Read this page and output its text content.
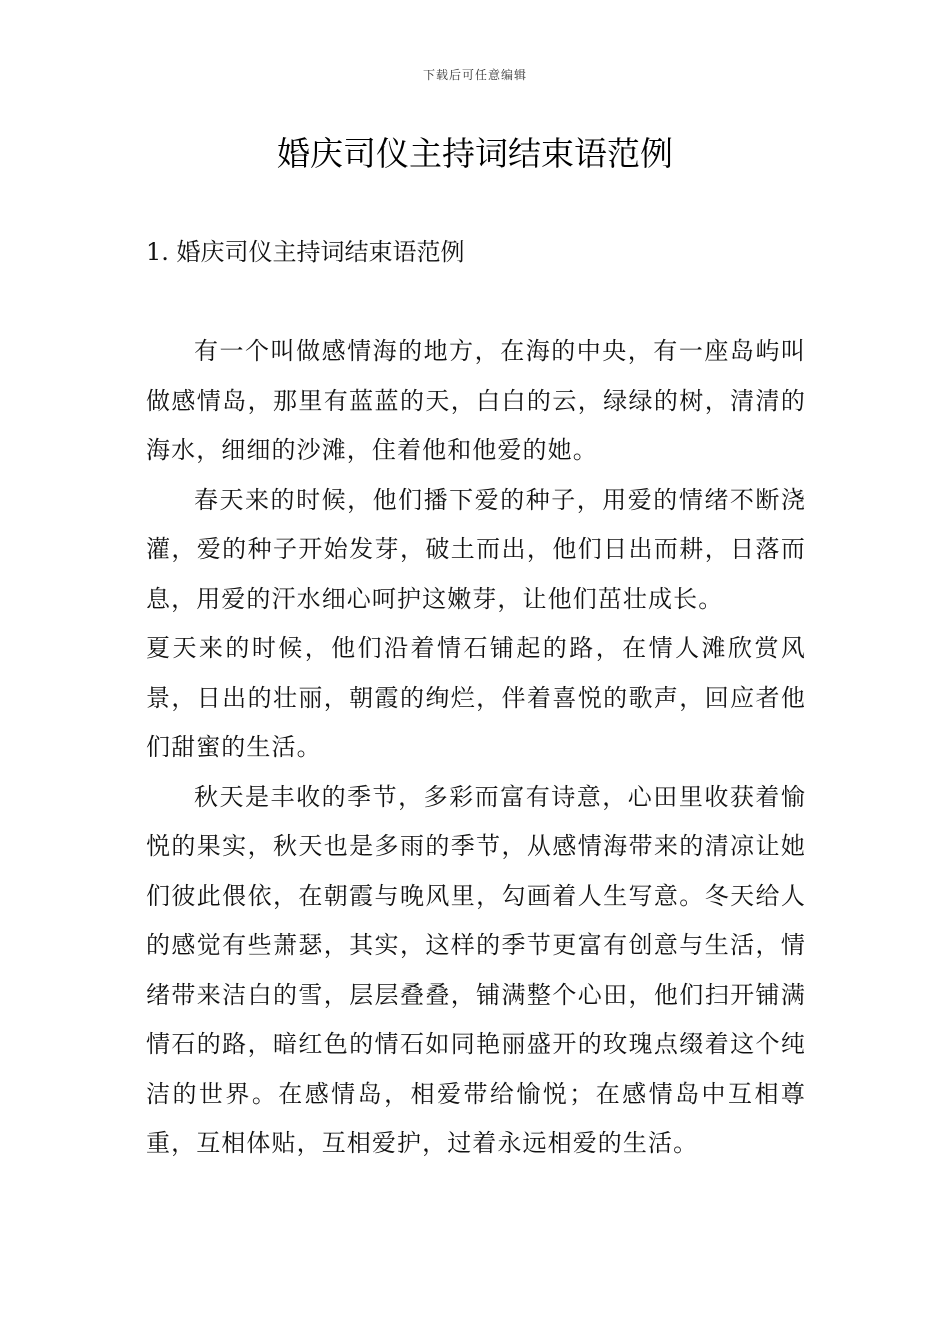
下载后可任意编辑
婚庆司仪主持词结束语范例
1. 婚庆司仪主持词结束语范例

有一个叫做感情海的地方，在海的中央，有一座岛屿叫做感情岛，那里有蓝蓝的天，白白的云，绿绿的树，清清的海水，细细的沙滩，住着他和他爱的她。

春天来的时候，他们播下爱的种子，用爱的情绪不断浇灌，爱的种子开始发芽，破土而出，他们日出而耕，日落而息，用爱的汗水细心呵护这嫩芽，让他们茁壮成长。

夏天来的时候，他们沿着情石铺起的路，在情人滩欣赏风景，日出的壮丽，朝霞的绚烂，伴着喜悦的歌声，回应者他们甜蜜的生活。

秋天是丰收的季节，多彩而富有诗意，心田里收获着愉悦的果实，秋天也是多雨的季节，从感情海带来的清凉让她们彼此偎依，在朝霞与晚风里，勾画着人生写意。冬天给人的感觉有些萧瑟，其实，这样的季节更富有创意与生活，情绪带来洁白的雪，层层叠叠，铺满整个心田，他们扫开铺满情石的路，暗红色的情石如同艳丽盛开的玫瑰点缀着这个纯洁的世界。在感情岛，相爱带给愉悦；在感情岛中互相尊重，互相体贴，互相爱护，过着永远相爱的生活。
